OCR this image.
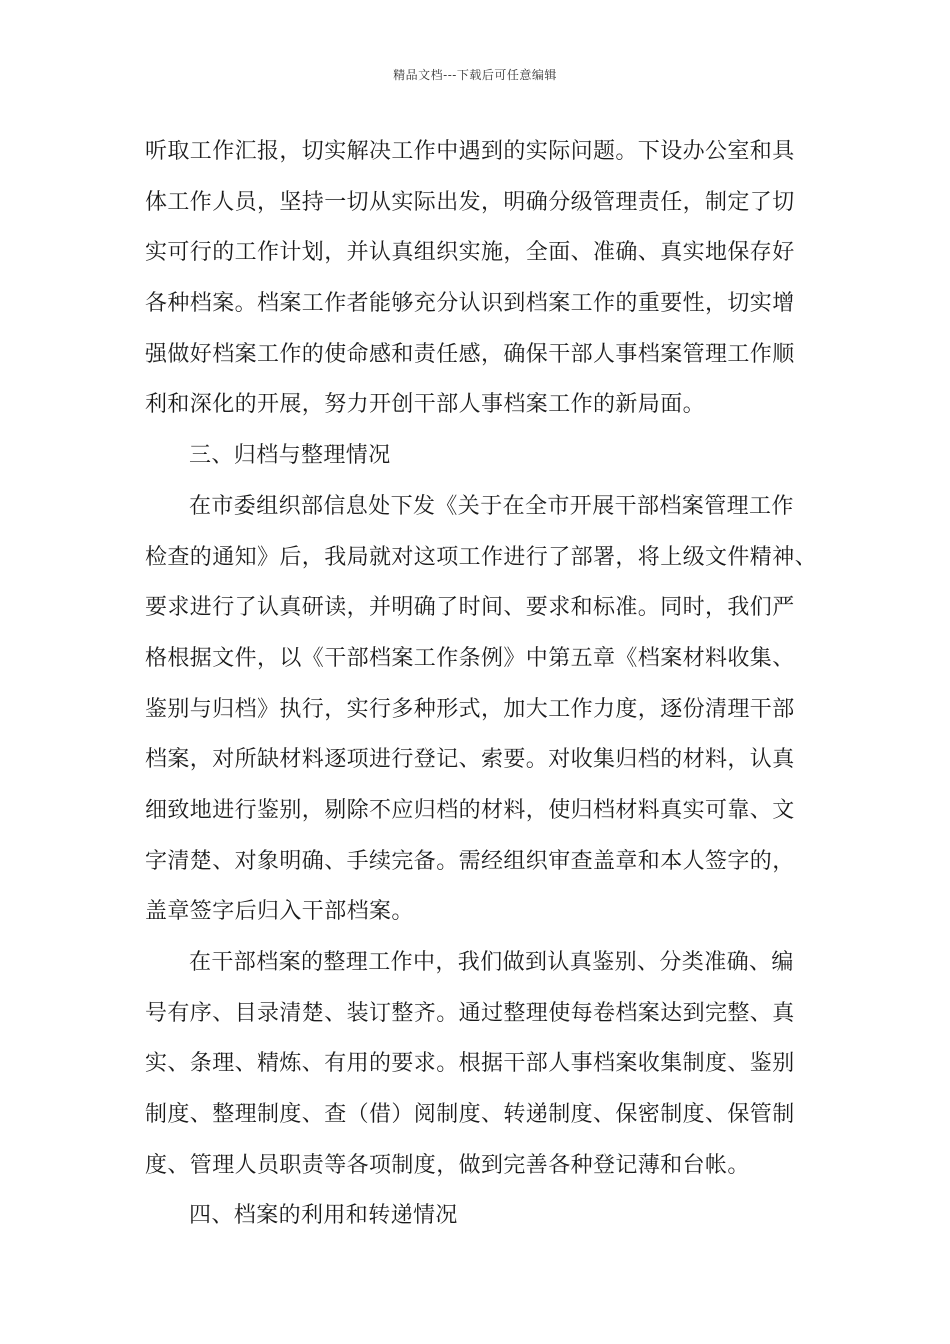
精品文档---下载后可任意编辑
听取工作汇报，切实解决工作中遇到的实际问题。下设办公室和具
体工作人员，坚持一切从实际出发，明确分级管理责任，制定了切
实可行的工作计划，并认真组织实施，全面、准确、真实地保存好
各种档案。档案工作者能够充分认识到档案工作的重要性，切实增
强做好档案工作的使命感和责任感，确保干部人事档案管理工作顺
利和深化的开展，努力开创干部人事档案工作的新局面。
三、归档与整理情况
在市委组织部信息处下发《关于在全市开展干部档案管理工作
检查的通知》后，我局就对这项工作进行了部署，将上级文件精神、
要求进行了认真研读，并明确了时间、要求和标准。同时，我们严
格根据文件，以《干部档案工作条例》中第五章《档案材料收集、
鉴别与归档》执行，实行多种形式，加大工作力度，逐份清理干部
档案，对所缺材料逐项进行登记、索要。对收集归档的材料，认真
细致地进行鉴别，剔除不应归档的材料，使归档材料真实可靠、文
字清楚、对象明确、手续完备。需经组织审查盖章和本人签字的，
盖章签字后归入干部档案。
在干部档案的整理工作中，我们做到认真鉴别、分类准确、编
号有序、目录清楚、装订整齐。通过整理使每卷档案达到完整、真
实、条理、精炼、有用的要求。根据干部人事档案收集制度、鉴别
制度、整理制度、查（借）阅制度、转递制度、保密制度、保管制
度、管理人员职责等各项制度，做到完善各种登记薄和台帐。
四、档案的利用和转递情况
